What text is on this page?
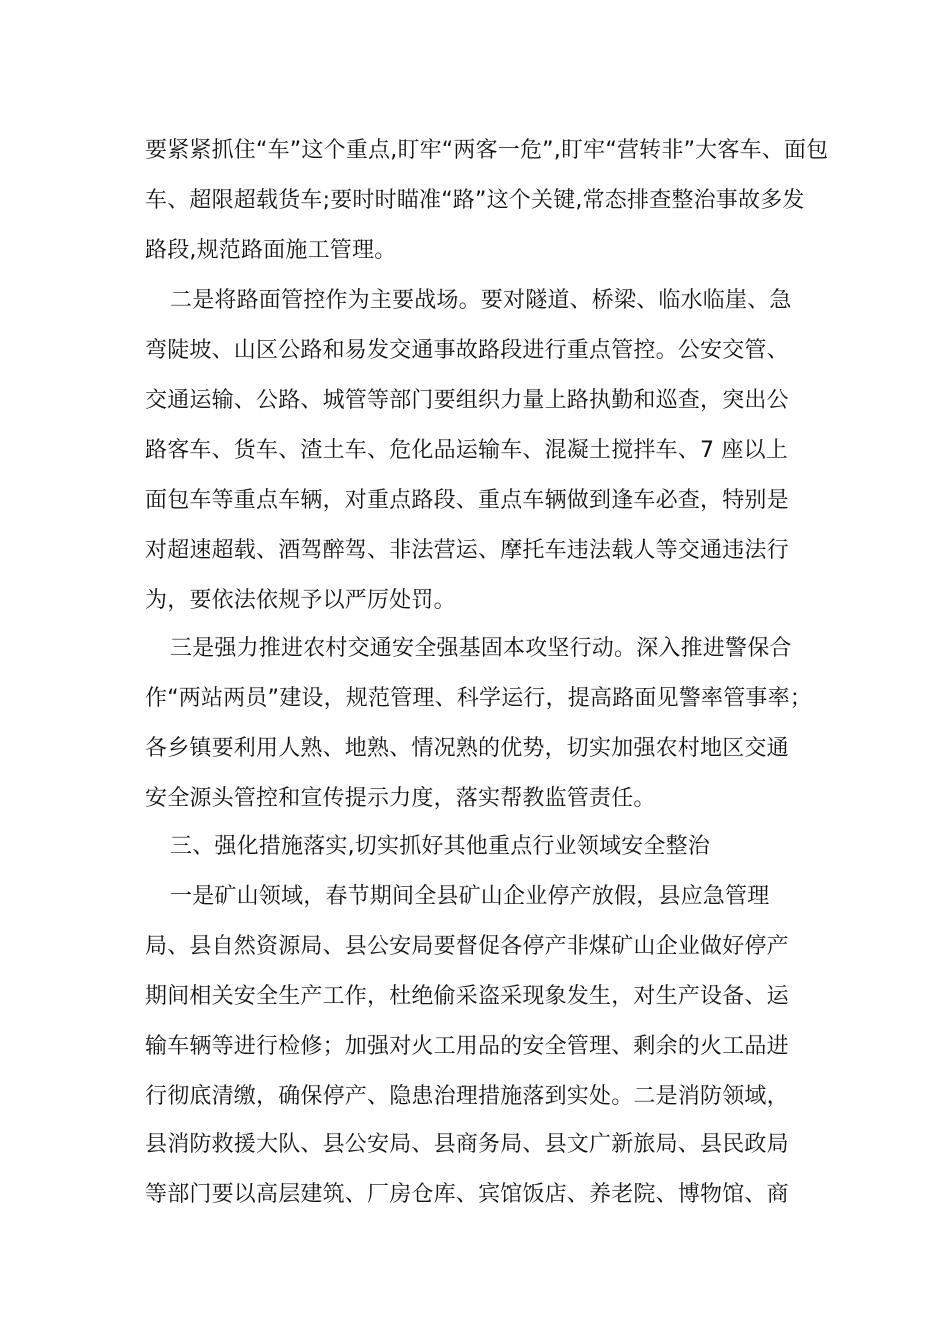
要紧紧抓住“车”这个重点,盯牢“两客一危”,盯牢“营转非”大客车、面包
车、超限超载货车;要时时瞄准“路”这个关键,常态排查整治事故多发
路段,规范路面施工管理。
二是将路面管控作为主要战场。要对隧道、桥梁、临水临崖、急
弯陡坡、山区公路和易发交通事故路段进行重点管控。公安交管、
交通运输、公路、城管等部门要组织力量上路执勤和巡查，突出公
路客车、货车、渣土车、危化品运输车、混凝土搅拌车、7 座以上
面包车等重点车辆，对重点路段、重点车辆做到逢车必查，特别是
对超速超载、酒驾醉驾、非法营运、摩托车违法载人等交通违法行
为，要依法依规予以严厉处罚。
三是强力推进农村交通安全强基固本攻坚行动。深入推进警保合
作“两站两员”建设，规范管理、科学运行，提高路面见警率管事率；
各乡镇要利用人熟、地熟、情况熟的优势，切实加强农村地区交通
安全源头管控和宣传提示力度，落实帮教监管责任。
三、强化措施落实,切实抓好其他重点行业领域安全整治
一是矿山领域，春节期间全县矿山企业停产放假，县应急管理
局、县自然资源局、县公安局要督促各停产非煤矿山企业做好停产
期间相关安全生产工作，杜绝偷采盗采现象发生，对生产设备、运
输车辆等进行检修；加强对火工用品的安全管理、剩余的火工品进
行彻底清缴，确保停产、隐患治理措施落到实处。二是消防领域，
县消防救援大队、县公安局、县商务局、县文广新旅局、县民政局
等部门要以高层建筑、厂房仓库、宾馆饭店、养老院、博物馆、商
